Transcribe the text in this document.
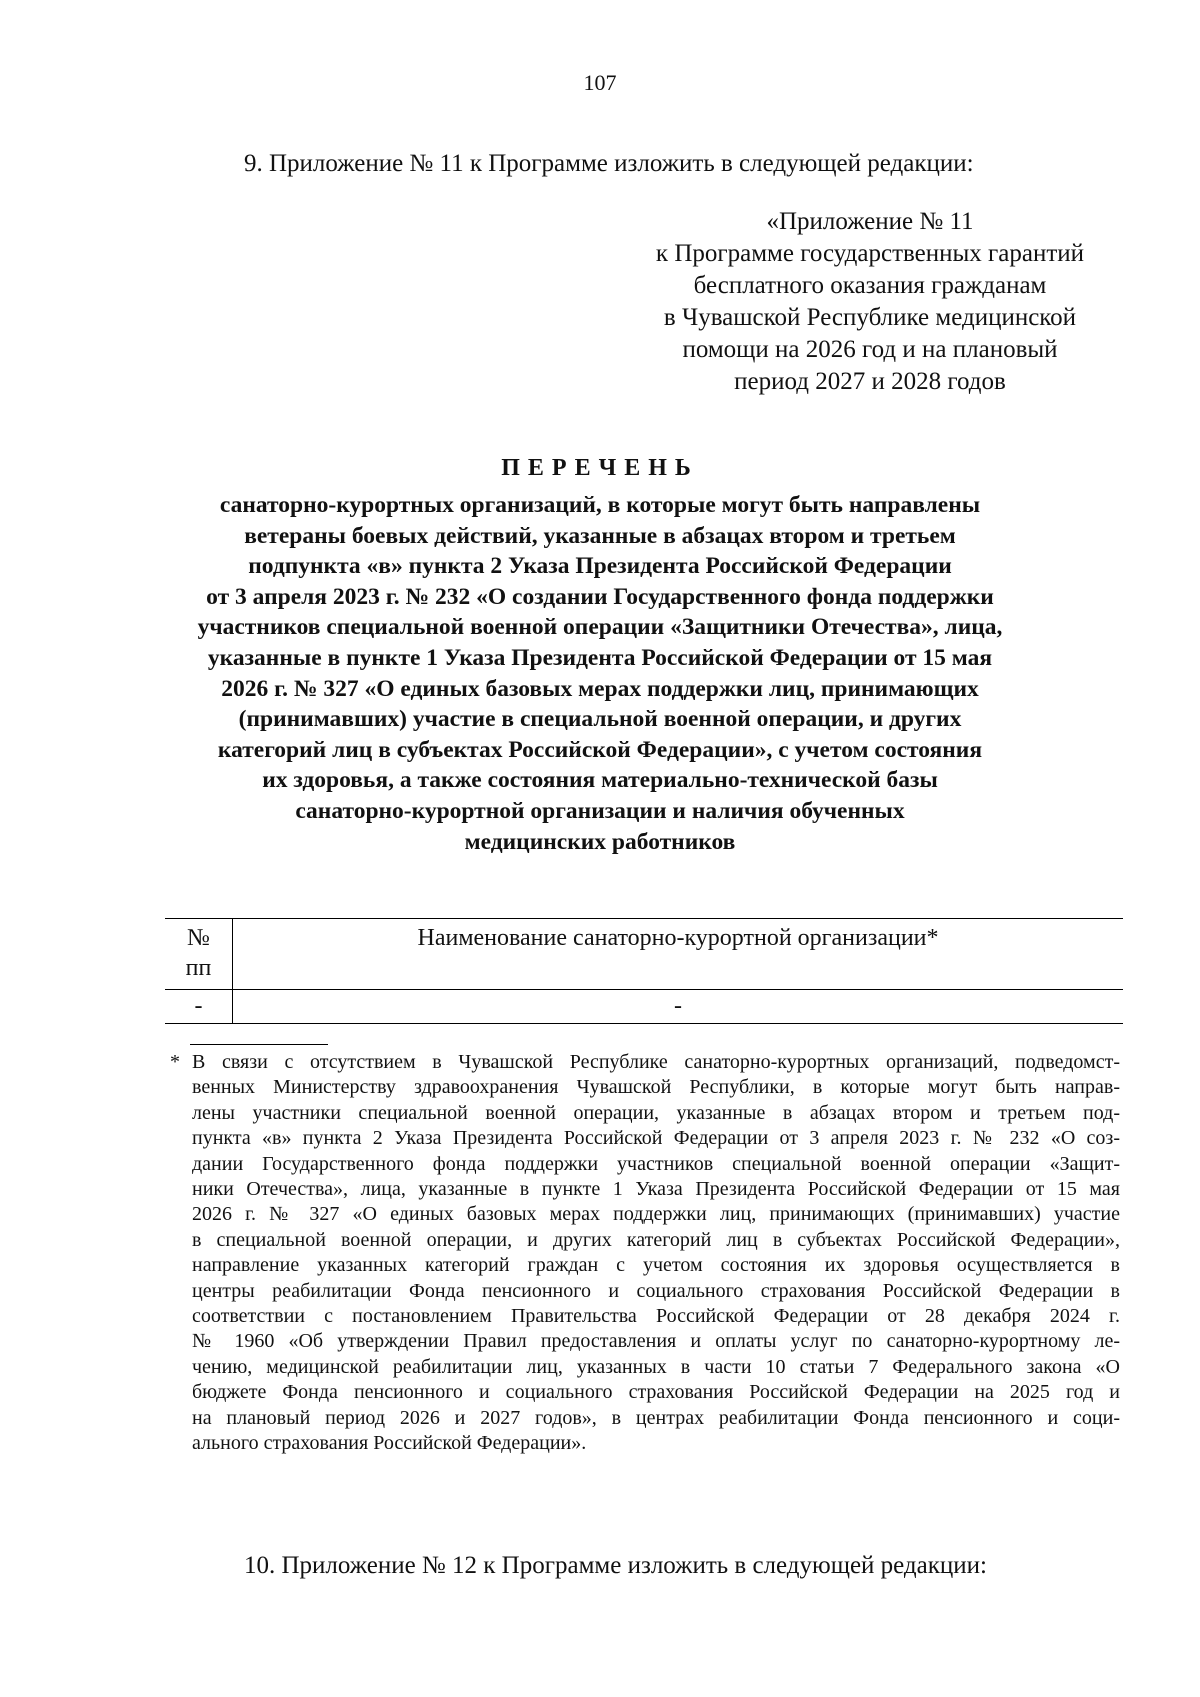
107
9. Приложение № 11 к Программе изложить в следующей редакции:
«Приложение № 11
к Программе государственных гарантий
бесплатного оказания гражданам
в Чувашской Республике медицинской
помощи на 2026 год и на плановый
период 2027 и 2028 годов
ПЕРЕЧЕНЬ
санаторно-курортных организаций, в которые могут быть направлены
ветераны боевых действий, указанные в абзацах втором и третьем
подпункта «в» пункта 2 Указа Президента Российской Федерации
от 3 апреля 2023 г. № 232 «О создании Государственного фонда поддержки
участников специальной военной операции «Защитники Отечества», лица,
указанные в пункте 1 Указа Президента Российской Федерации от 15 мая
2026 г. № 327 «О единых базовых мерах поддержки лиц, принимающих
(принимавших) участие в специальной военной операции, и других
категорий лиц в субъектах Российской Федерации», с учетом состояния
их здоровья, а также состояния материально-технической базы
санаторно-курортной организации и наличия обученных
медицинских работников
№
пп	Наименование санаторно-курортной организации*
-	-
* В связи с отсутствием в Чувашской Республике санаторно-курортных организаций, подведомст-
венных Министерству здравоохранения Чувашской Республики, в которые могут быть направ-
лены участники специальной военной операции, указанные в абзацах втором и третьем под-
пункта «в» пункта 2 Указа Президента Российской Федерации от 3 апреля 2023 г. № 232 «О соз-
дании Государственного фонда поддержки участников специальной военной операции «Защит-
ники Отечества», лица, указанные в пункте 1 Указа Президента Российской Федерации от 15 мая
2026 г. № 327 «О единых базовых мерах поддержки лиц, принимающих (принимавших) участие
в специальной военной операции, и других категорий лиц в субъектах Российской Федерации»,
направление указанных категорий граждан с учетом состояния их здоровья осуществляется в
центры реабилитации Фонда пенсионного и социального страхования Российской Федерации в
соответствии с постановлением Правительства Российской Федерации от 28 декабря 2024 г.
№ 1960 «Об утверждении Правил предоставления и оплаты услуг по санаторно-курортному ле-
чению, медицинской реабилитации лиц, указанных в части 10 статьи 7 Федерального закона «О
бюджете Фонда пенсионного и социального страхования Российской Федерации на 2025 год и
на плановый период 2026 и 2027 годов», в центрах реабилитации Фонда пенсионного и соци-
ального страхования Российской Федерации».
10. Приложение № 12 к Программе изложить в следующей редакции:
